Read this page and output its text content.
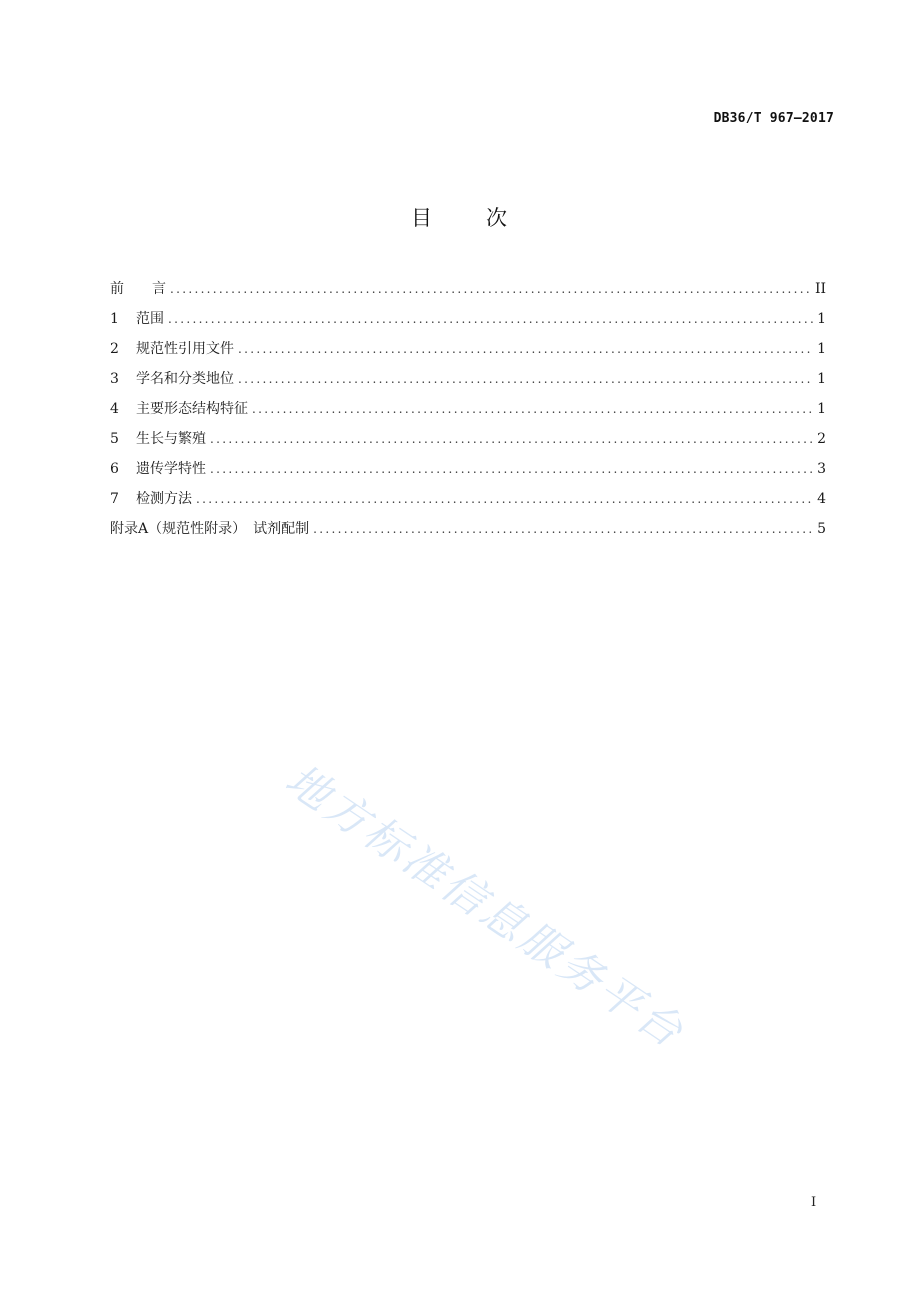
DB36/T 967—2017
目 次
前　　言 .....	II
1	范围 .....	1
2	规范性引用文件 .....	1
3	学名和分类地位 .....	1
4	主要形态结构特征 .....	1
5	生长与繁殖 .....	2
6	遗传学特性 .....	3
7	检测方法 .....	4
附录A（规范性附录）　试剂配制 .....	5
地方标准信息服务平台
I
